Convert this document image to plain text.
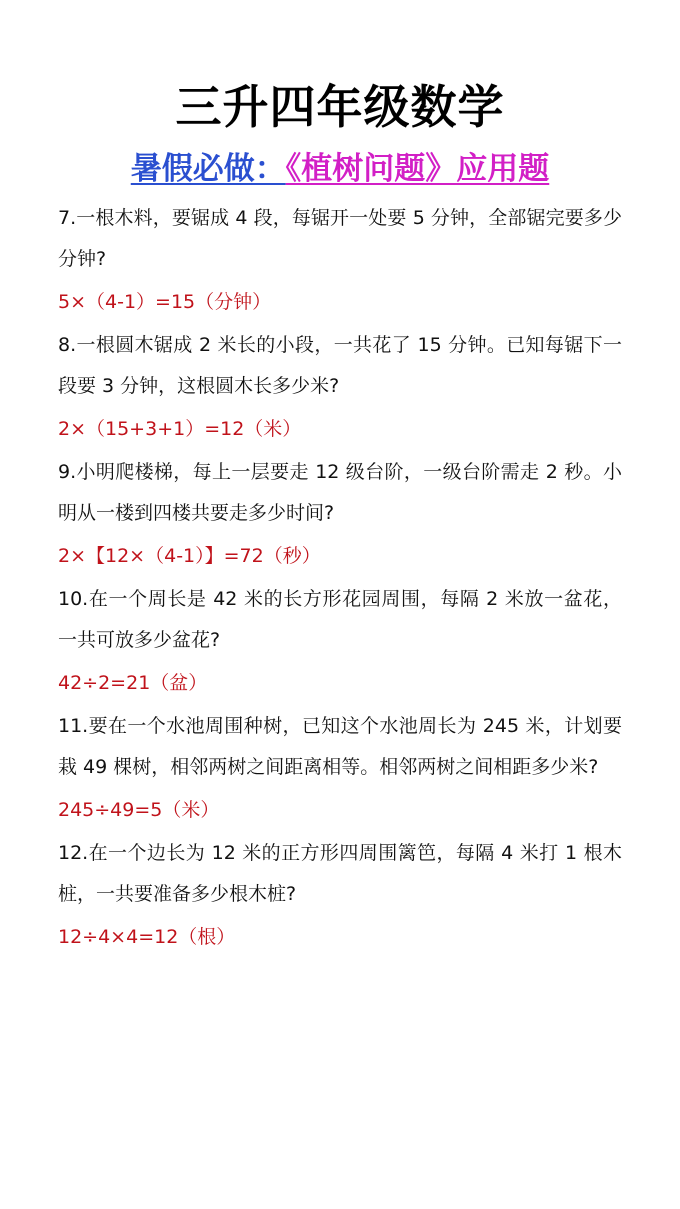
三升四年级数学
暑假必做：《植树问题》应用题

7.一根木料，要锯成 4 段，每锯开一处要 5 分钟，全部锯完要多少分钟?

5×（4-1）=15（分钟）

8.一根圆木锯成 2 米长的小段，一共花了 15 分钟。已知每锯下一段要 3 分钟，这根圆木长多少米?

2×（15+3+1）=12（米）

9.小明爬楼梯，每上一层要走 12 级台阶，一级台阶需走 2 秒。小明从一楼到四楼共要走多少时间?

2×【12×（4-1）】=72（秒）

10.在一个周长是 42 米的长方形花园周围，每隔 2 米放一盆花，一共可放多少盆花?

42÷2=21（盆）

11.要在一个水池周围种树，已知这个水池周长为 245 米，计划要栽 49 棵树，相邻两树之间距离相等。相邻两树之间相距多少米?

245÷49=5（米）

12.在一个边长为 12 米的正方形四周围篱笆，每隔 4 米打 1 根木桩，一共要准备多少根木桩?

12÷4×4=12（根）
